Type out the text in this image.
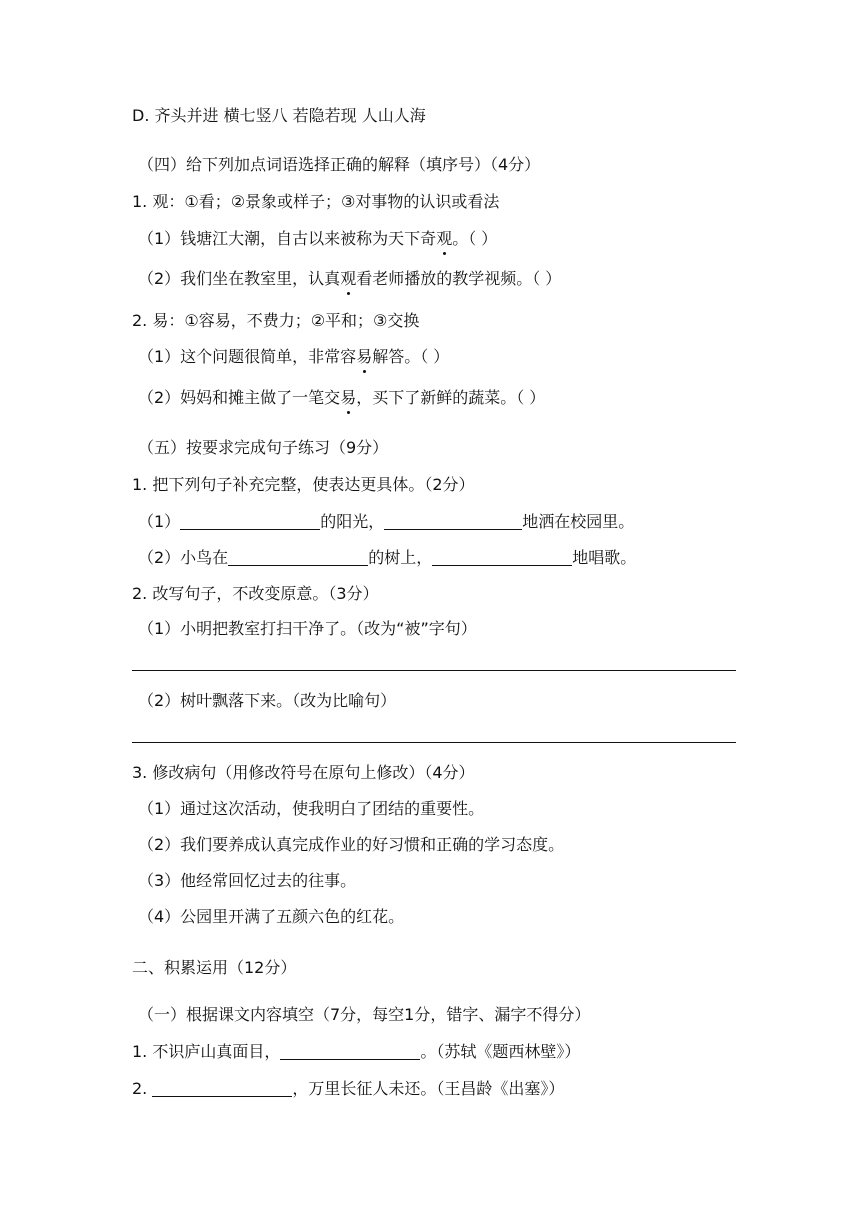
D. 齐头并进 横七竖八 若隐若现 人山人海
（四）给下列加点词语选择正确的解释（填序号）（4分）
1. 观：①看；②景象或样子；③对事物的认识或看法
（1）钱塘江大潮，自古以来被称为天下奇观。（ ）
（2）我们坐在教室里，认真观看老师播放的教学视频。（ ）
2. 易：①容易，不费力；②平和；③交换
（1）这个问题很简单，非常容易解答。（ ）
（2）妈妈和摊主做了一笔交易，买下了新鲜的蔬菜。（ ）
（五）按要求完成句子练习（9分）
1. 把下列句子补充完整，使表达更具体。（2分）
（1）	的阳光，	地洒在校园里。
（2）小鸟在	的树上，	地唱歌。
2. 改写句子，不改变原意。（3分）
（1）小明把教室打扫干净了。（改为“被”字句）
（2）树叶飘落下来。（改为比喻句）
3. 修改病句（用修改符号在原句上修改）（4分）
（1）通过这次活动，使我明白了团结的重要性。
（2）我们要养成认真完成作业的好习惯和正确的学习态度。
（3）他经常回忆过去的往事。
（4）公园里开满了五颜六色的红花。
二、积累运用（12分）
（一）根据课文内容填空（7分，每空1分，错字、漏字不得分）
1. 不识庐山真面目，	。（苏轼《题西林壁》）
2.	，万里长征人未还。（王昌龄《出塞》）
